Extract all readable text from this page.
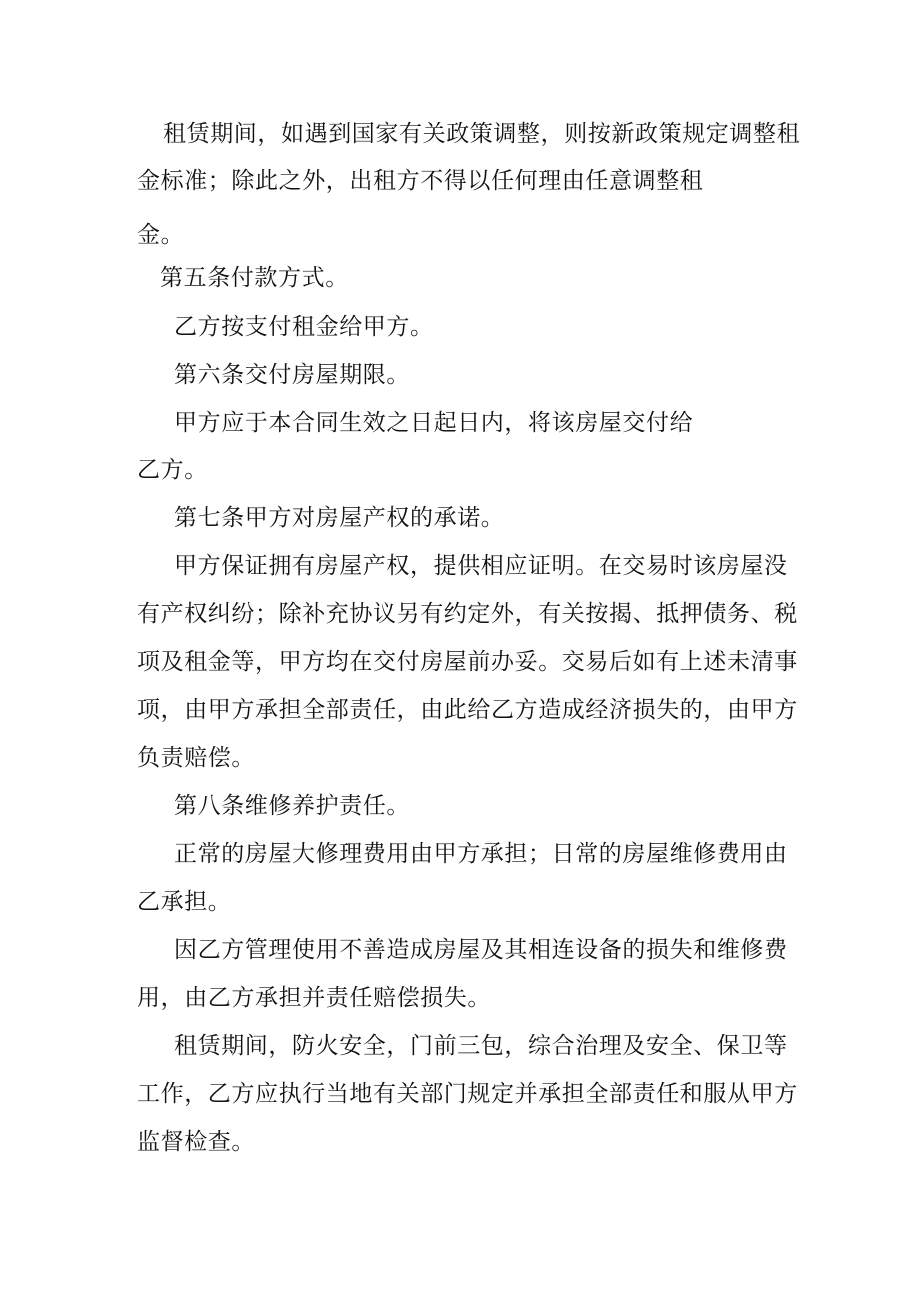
租赁期间，如遇到国家有关政策调整，则按新政策规定调整租
金标准；除此之外，出租方不得以任何理由任意调整租
金。
第五条付款方式。
乙方按支付租金给甲方。
第六条交付房屋期限。
甲方应于本合同生效之日起日内，将该房屋交付给
乙方。
第七条甲方对房屋产权的承诺。
甲方保证拥有房屋产权，提供相应证明。在交易时该房屋没
有产权纠纷；除补充协议另有约定外，有关按揭、抵押债务、税
项及租金等，甲方均在交付房屋前办妥。交易后如有上述未清事
项，由甲方承担全部责任，由此给乙方造成经济损失的，由甲方
负责赔偿。
第八条维修养护责任。
正常的房屋大修理费用由甲方承担；日常的房屋维修费用由
乙承担。
因乙方管理使用不善造成房屋及其相连设备的损失和维修费
用，由乙方承担并责任赔偿损失。
租赁期间，防火安全，门前三包，综合治理及安全、保卫等
工作，乙方应执行当地有关部门规定并承担全部责任和服从甲方
监督检查。
